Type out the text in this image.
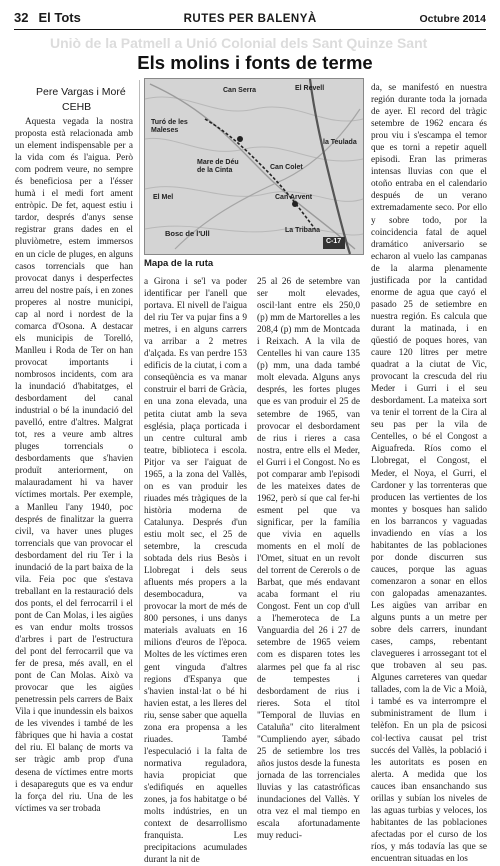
32 El Tots	RUTES PER BALENYÀ	Octubre 2014
Uniò de la Patmell a Unió Colonial dels Sant Quinze Sant
Els molins i fonts de terme
Pere Vargas i Moré
CEHB

Aquesta vegada la nostra proposta està relacionada amb un element indispensable per a la vida com és l'aigua. Però com podrem veure, no sempre és beneficiosa per a l'ésser humà i el medi fort ament entròpic. De fet, aquest estiu i tardor, després d'anys sense registrar grans dades en el pluviòmetre, estem immersos en un cicle de pluges, en alguns casos torrencials que han provocat danys i desperfectes arreu del nostre país, i en zones properes al nostre municipi, cap al nord i nordest de la comarca d'Osona. A destacar els municipis de Torelló, Manlleu i Roda de Ter on han provocat importants i nombrosos incidents, com ara la inundació d'habitatges, el desbordament del canal industrial o bé la inundació del pavelló, entre d'altres. Malgrat tot, res a veure amb altres pluges torrencials o desbordaments que s'havien produït anteriorment, on malauradament hi va haver víctimes mortals. Per exemple, a Manlleu l'any 1940, poc després de finalitzar la guerra civil, va haver unes pluges torrencials que van provocar el desbordament del riu Ter i la inundació de la part baixa de la vila. Feia poc que s'estava treballant en la restauració dels dos ponts, el del ferrocarril i el pont de Can Molas, i les aigües es van endur molts trossos d'arbres i part de l'estructura del pont del ferrocarril que va fer de presa, més avall, en el pont de Can Molas. Això va provocar que les aigües penetressin pels carrers de Baix Vila i que inundessin els baixos de les vivendes i també de les fàbriques que hi havia a costat del riu. El balanç de morts va ser tràgic amb prop d'una desena de víctimes entre morts i desapareguts que es va endur la força del riu. Una de les víctimes va ser trobada

Can Serra	El Revell
Mare de Déu de la Cinta	Can Colet
Bosc de l'Ull
Can Arvent
la Teulada
El Mel
Turó de les Maleses
La Tribana
C-17
Mapa de la ruta

a Girona i se'l va poder identificar per l'anell que portava. El nivell de l'aigua del riu Ter va pujar fins a 9 metres, i en alguns carrers va arribar a 2 metres d'alçada. Es van perdre 153 edificis de la ciutat, i com a conseqüència es va manar construir el barri de Gràcia, en una zona elevada, una petita ciutat amb la seva església, plaça porticada i un centre cultural amb teatre, biblioteca i escola. Pitjor va ser l'aiguat de 1965, a la zona del Vallès, on es van produir les riuades més tràgiques de la història moderna de Catalunya. Després d'un estiu molt sec, el 25 de setembre, la crescuda sobtada dels rius Besòs i Llobregat i dels seus afluents més propers a la desembocadura, va provocar la mort de més de 800 persones, i uns danys materials avaluats en 16 milions d'euros de l'època. Moltes de les víctimes eren gent vinguda d'altres regions d'Espanya que s'havien instal·lat o bé hi havien estat, a les lleres del riu, sense saber que aquella zona era propensa a les riuades. També l'especulació i la falta de normativa reguladora, havia propiciat que s'edifiqués en aquelles zones, ja fos habitatge o bé molts indústries, en un context de desarrollismo franquista. Les precipitacions acumulades durant la nit de

25 al 26 de setembre van ser molt elevades, oscil·lant entre els 250,0 (p) mm de Martorelles a les 208,4 (p) mm de Montcada i Reixach. A la vila de Centelles hi van caure 135 (p) mm, una dada també molt elevada. Alguns anys després, les fortes pluges que es van produir el 25 de setembre de 1965, van provocar el desbordament de rius i rieres a casa nostra, entre ells el Meder, el Gurri i el Congost. No es pot comparar amb l'episodi de les mateixes dates de 1962, però sí que cal fer-hi esment pel que va significar, per la família que vivia en aquells moments en el molí de l'Omet, situat en un revolt del torrent de Cererols o de Barbat, que més endavant acaba formant el riu Congost. Fent un cop d'ull a l'hemeroteca de La Vanguardia del 26 i 27 de setembre de 1965 veiem com es disparen totes les alarmes pel que fa al risc de tempestes i desbordament de rius i rieres. Sota el títol "Temporal de lluvias en Cataluña" cito literalment "Cumpliendo ayer, sábado 25 de setiembre los tres años justos desde la funesta jornada de las torrenciales lluvias y las catastróficas inundaciones del Vallès. Y otra vez el mal tiempo en escala afortunadamente muy reduci-

da, se manifestó en nuestra región durante toda la jornada de ayer. El record del tràgic setembre de 1962 encara és prou viu i s'escampa el temor que es torni a repetir aquell episodi. Eran las primeras intensas lluvias con que el otoño entraba en el calendario después de un verano extremadamente seco. Por ello y sobre todo, por la coincidencia fatal de aquel dramático aniversario se echaron al vuelo las campanas de la alarma plenamente justificada por la cantidad enorme de agua que cayó el pasado 25 de setiembre en nuestra región. Es calcula que durant la matinada, i en qüestió de poques hores, van caure 120 litres per metre quadrat a la ciutat de Vic, provocant la crescuda del riu Meder i Gurri i el seu desbordament. La mateixa sort va tenir el torrent de la Cira al seu pas per la vila de Centelles, o bé el Congost a Aiguafreda. Ríos como el Llobregat, el Congost, el Meder, el Noya, el Gurri, el Cardoner y las torrenteras que producen las vertientes de los montes y bosques han salido en los barrancos y vaguadas invadiendo en vías a los habitantes de las poblaciones por donde discurren sus cauces, porque las aguas comenzaron a sonar en ellos con galopadas amenazantes. Les aigües van arribar en alguns punts a un metre per sobre dels carrers, inundant cases, camps, rebentant clavegueres i arrossegant tot el que trobaven al seu pas. Algunes carreteres van quedar tallades, com la de Vic a Moià, i també es va interrompre el subministrament de llum i telèfon. En un pla de psicosi col·lectiva causat pel trist succés del Vallès, la població i les autoritats es posen en alerta. A medida que los cauces iban ensanchando sus orillas y subían los niveles de las aguas turbias y veloces, los habitantes de las poblaciones afectadas por el curso de los ríos, y más todavía las que se encuentran situadas en los
